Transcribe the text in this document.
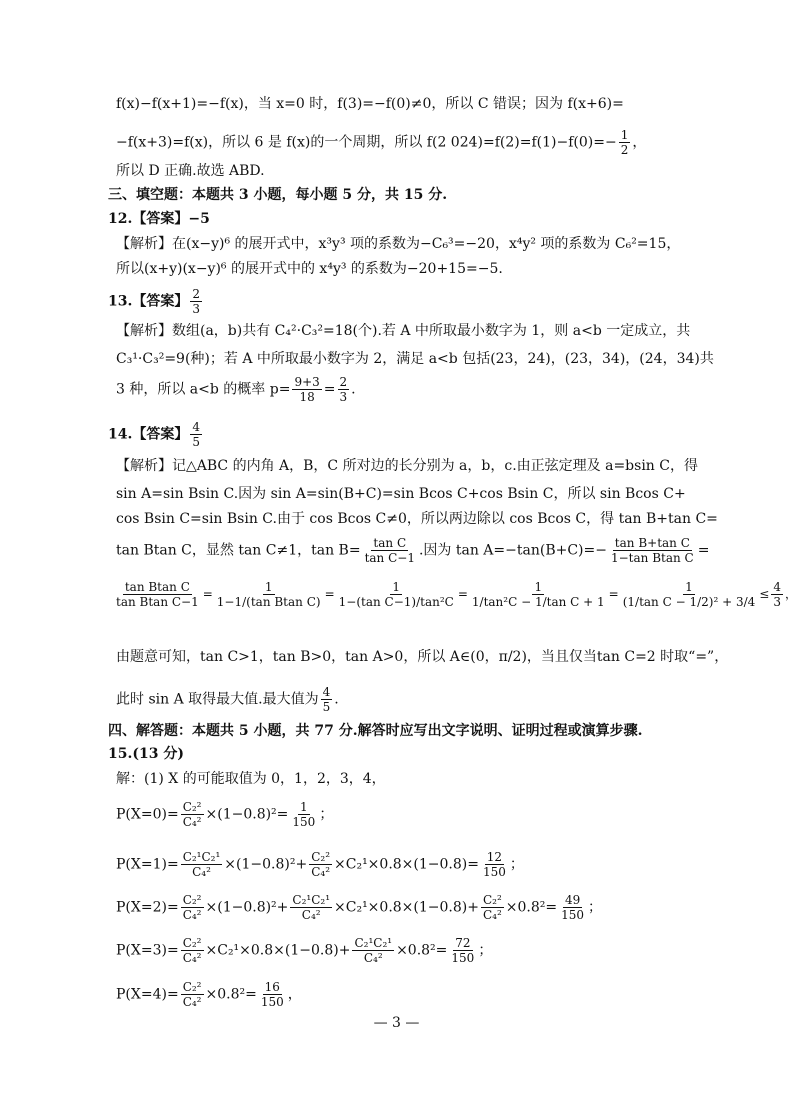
f(x)−f(x+1)=−f(x)，当 x=0 时，f(3)=−f(0)≠0，所以 C 错误；因为 f(x+6)=
−f(x+3)=f(x)，所以 6 是 f(x)的一个周期，所以 f(2 $024)=f(2)=f(1)-f(0)=- \frac{1}{2}$ ，
所以 D 正确.故选 ABD.
三、填空题：本题共 3 小题，每小题 5 分，共 15 分.
12.【答案】−5
【解析】在(x−y)⁶ 的展开式中，x³y³ 项的系数为−C₆³=−20，x⁴y² 项的系数为 C₆²=15，
所以(x+y)(x−y)⁶ 的展开式中的 x⁴y³ 的系数为−20+15=−5.
13.【答案】 $\frac{2}{3}$
【解析】数组(a，b)共有 C₄²·C₃²=18(个).若 A 中所取最小数字为 1，则 a<b 一定成立，共
C₃¹·C₃²=9(种)；若 A 中所取最小数字为 2，满足 a<b 包括(23，24)，(23，34)，(24，34)共
3 种，所以 a<b 的概率 $p= \frac{9+3}{18} = \frac{2}{3}$ .
14.【答案】 $\frac{4}{5}$
【解析】记△ABC 的内角 A，B，C 所对边的长分别为 a，b，c.由正弦定理及 a=bsin C，得
sin A=sin Bsin C.因为 sin A=sin(B+C)=sin Bcos C+cos Bsin C，所以 sin Bcos C+
cos Bsin C=sin Bsin C.由于 cos Bcos C≠0，所以两边除以 cos Bcos C，得 tan B+tan C=
tan Btan C，显然 tan C≠1，$\tan B= \frac{\text{tan C}}{\text{tan C−1}}$ .因为 $\tan A=-\tan(B+C)=- \frac{\text{tan B+tan C}}{\text{1−tan Btan C}}$ =
$\frac{\text{tan Btan C}}{\text{tan Btan C−1}} = \frac{1}{\text{1−1/(tan Btan C)}} = \frac{1}{\text{1−(tan C−1)/tan²C}} = \frac{1}{\text{1/tan²C − 1/tan C + 1}} = \frac{1}{\text{(1/tan C − 1/2)² + 3/4}} \le \frac{4}{3}$ ，
由题意可知，tan C>1，tan B>0，tan A>0，所以 A∈(0，π/2)，当且仅当tan C=2 时取“=”，
此时 sin A 取得最大值.最大值为 $\frac{4}{5}$ .
四、解答题：本题共 5 小题，共 77 分.解答时应写出文字说明、证明过程或演算步骤.
15.(13 分)
解：(1) X 的可能取值为 0，1，2，3，4，
$P(X=0)= \frac{\text{C₂²}}{\text{C₄²}} \times(1-0.8)^2= \frac{1}{150}$ ；
$P(X=1)= \frac{\text{C₂¹C₂¹}}{\text{C₄²}} \times(1-0.8)^2+ \frac{\text{C₂²}}{\text{C₄²}} \times C_2^1\times 0.8\times(1-0.8)= \frac{12}{150}$ ；
$P(X=2)= \frac{\text{C₂²}}{\text{C₄²}} \times(1-0.8)^2+ \frac{\text{C₂¹C₂¹}}{\text{C₄²}} \times C_2^1\times 0.8\times(1-0.8)+ \frac{\text{C₂²}}{\text{C₄²}} \times 0.8^2= \frac{49}{150}$ ；
$P(X=3)= \frac{\text{C₂²}}{\text{C₄²}} \times C_2^1\times 0.8\times(1-0.8)+ \frac{\text{C₂¹C₂¹}}{\text{C₄²}} \times 0.8^2= \frac{72}{150}$ ；
$P(X=4)= \frac{\text{C₂²}}{\text{C₄²}} \times 0.8^2= \frac{16}{150}$ ，
— 3 —
